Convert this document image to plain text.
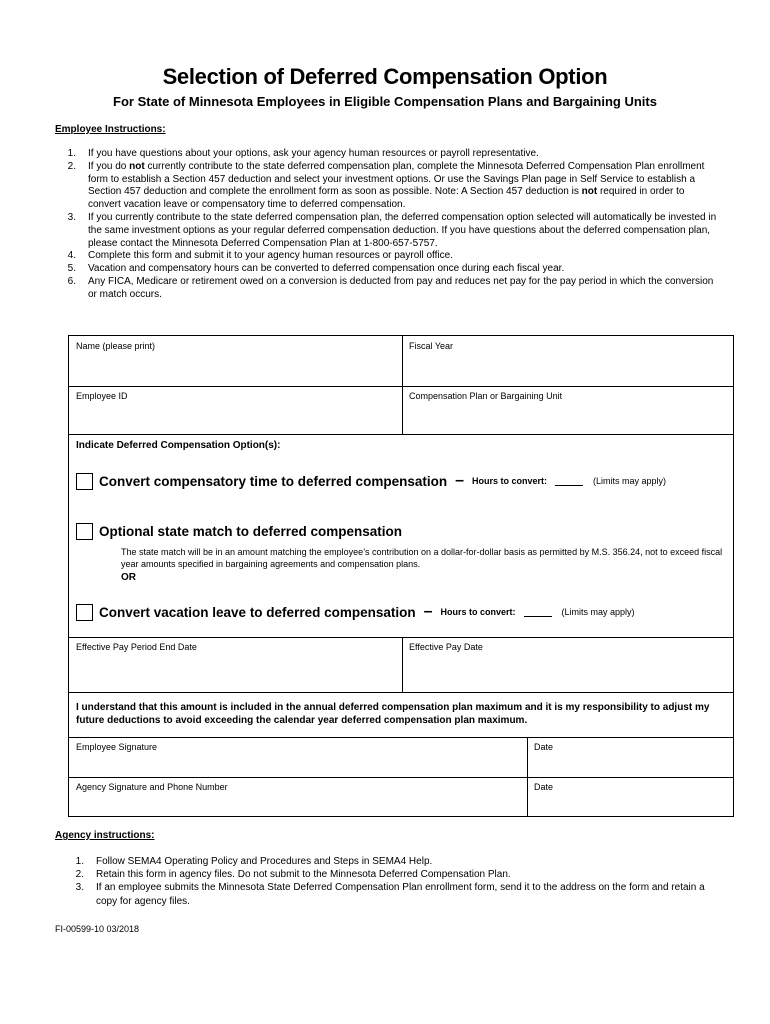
Selection of Deferred Compensation Option
For State of Minnesota Employees in Eligible Compensation Plans and Bargaining Units
Employee Instructions:
1. If you have questions about your options, ask your agency human resources or payroll representative.
2. If you do not currently contribute to the state deferred compensation plan, complete the Minnesota Deferred Compensation Plan enrollment form to establish a Section 457 deduction and select your investment options. Or use the Savings Plan page in Self Service to establish a Section 457 deduction and complete the enrollment form as soon as possible. Note: A Section 457 deduction is not required in order to convert vacation leave or compensatory time to deferred compensation.
3. If you currently contribute to the state deferred compensation plan, the deferred compensation option selected will automatically be invested in the same investment options as your regular deferred compensation deduction. If you have questions about the deferred compensation plan, please contact the Minnesota Deferred Compensation Plan at 1-800-657-5757.
4. Complete this form and submit it to your agency human resources or payroll office.
5. Vacation and compensatory hours can be converted to deferred compensation once during each fiscal year.
6. Any FICA, Medicare or retirement owed on a conversion is deducted from pay and reduces net pay for the pay period in which the conversion or match occurs.
Name (please print)	Fiscal Year
Employee ID	Compensation Plan or Bargaining Unit
Indicate Deferred Compensation Option(s):
Convert compensatory time to deferred compensation – Hours to convert:	(Limits may apply)
Optional state match to deferred compensation
The state match will be in an amount matching the employee’s contribution on a dollar-for-dollar basis as permitted by M.S. 356.24, not to exceed fiscal year amounts specified in bargaining agreements and compensation plans.
OR
Convert vacation leave to deferred compensation – Hours to convert:	(Limits may apply)
Effective Pay Period End Date	Effective Pay Date
I understand that this amount is included in the annual deferred compensation plan maximum and it is my responsibility to adjust my future deductions to avoid exceeding the calendar year deferred compensation plan maximum.
Employee Signature	Date
Agency Signature and Phone Number	Date
Agency instructions:
1. Follow SEMA4 Operating Policy and Procedures and Steps in SEMA4 Help.
2. Retain this form in agency files. Do not submit to the Minnesota Deferred Compensation Plan.
3. If an employee submits the Minnesota State Deferred Compensation Plan enrollment form, send it to the address on the form and retain a copy for agency files.
FI-00599-10 03/2018
